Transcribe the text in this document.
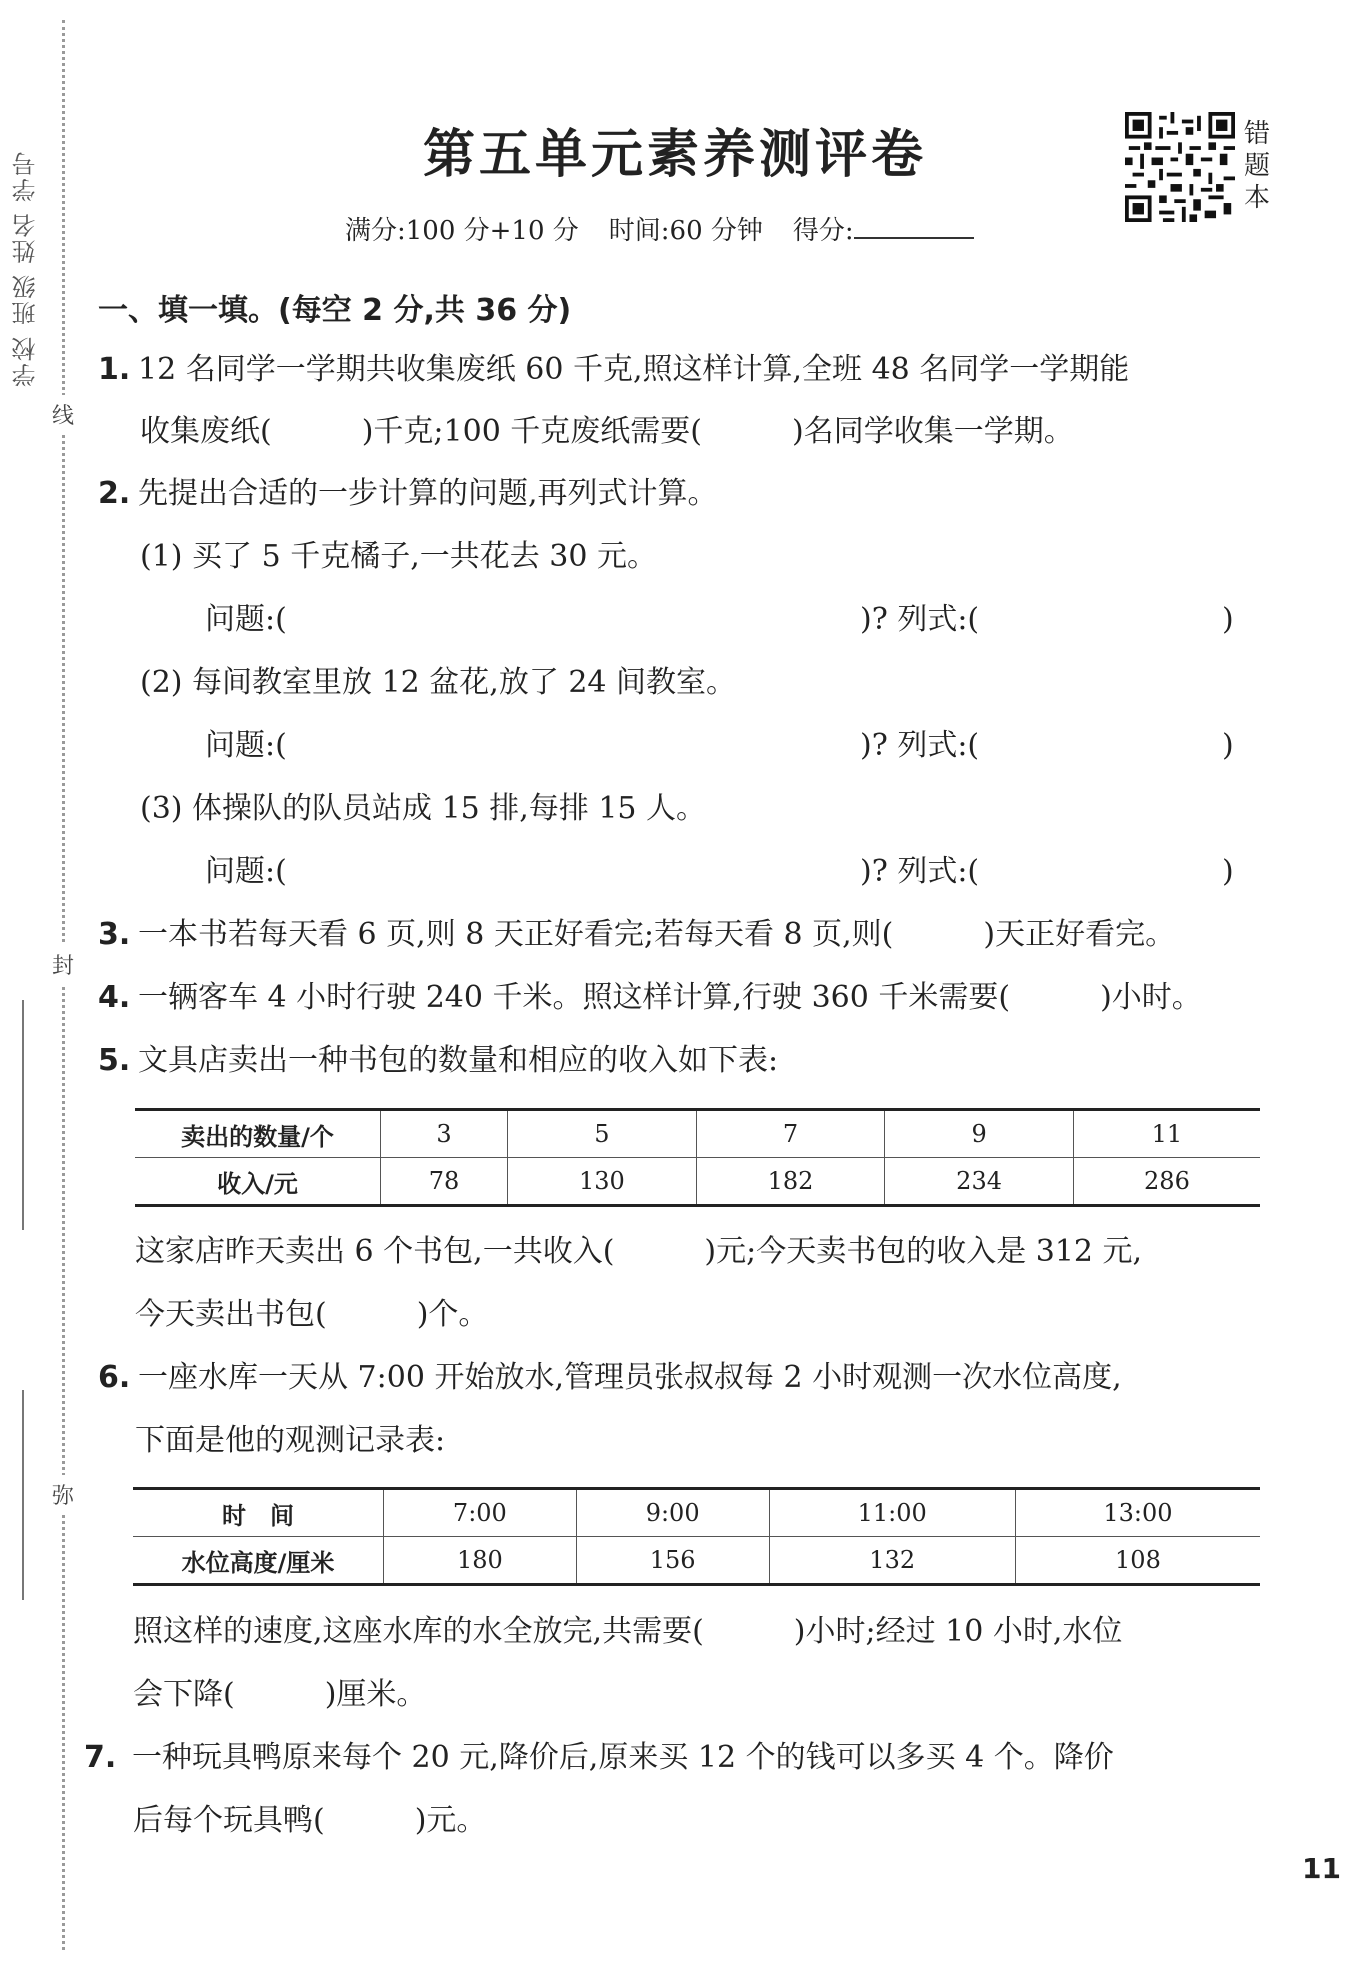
学校 班级 姓名 学号
线
封
弥
第五单元素养测评卷	错
题
本
满分:100 分+10 分 时间:60 分钟 得分:
一、填一填。(每空 2 分,共 36 分)
1. 12 名同学一学期共收集废纸 60 千克,照这样计算,全班 48 名同学一学期能
收集废纸(　　　)千克;100 千克废纸需要(　　　)名同学收集一学期。
2. 先提出合适的一步计算的问题,再列式计算。
(1) 买了 5 千克橘子,一共花去 30 元。
问题:(	)? 列式:(	)
(2) 每间教室里放 12 盆花,放了 24 间教室。
问题:(	)? 列式:(	)
(3) 体操队的队员站成 15 排,每排 15 人。
问题:(	)? 列式:(	)
3. 一本书若每天看 6 页,则 8 天正好看完;若每天看 8 页,则(　　　)天正好看完。
4. 一辆客车 4 小时行驶 240 千米。照这样计算,行驶 360 千米需要(　　　)小时。
5. 文具店卖出一种书包的数量和相应的收入如下表:
卖出的数量/个	3	5	7	9	11
收入/元	78	130	182	234	286
这家店昨天卖出 6 个书包,一共收入(　　　)元;今天卖书包的收入是 312 元,
今天卖出书包(　　　)个。
6. 一座水库一天从 7:00 开始放水,管理员张叔叔每 2 小时观测一次水位高度,
下面是他的观测记录表:
时　间	7:00	9:00	11:00	13:00
水位高度/厘米	180	156	132	108
照这样的速度,这座水库的水全放完,共需要(　　　)小时;经过 10 小时,水位
会下降(　　　)厘米。
7. 一种玩具鸭原来每个 20 元,降价后,原来买 12 个的钱可以多买 4 个。降价
后每个玩具鸭(　　　)元。
11
